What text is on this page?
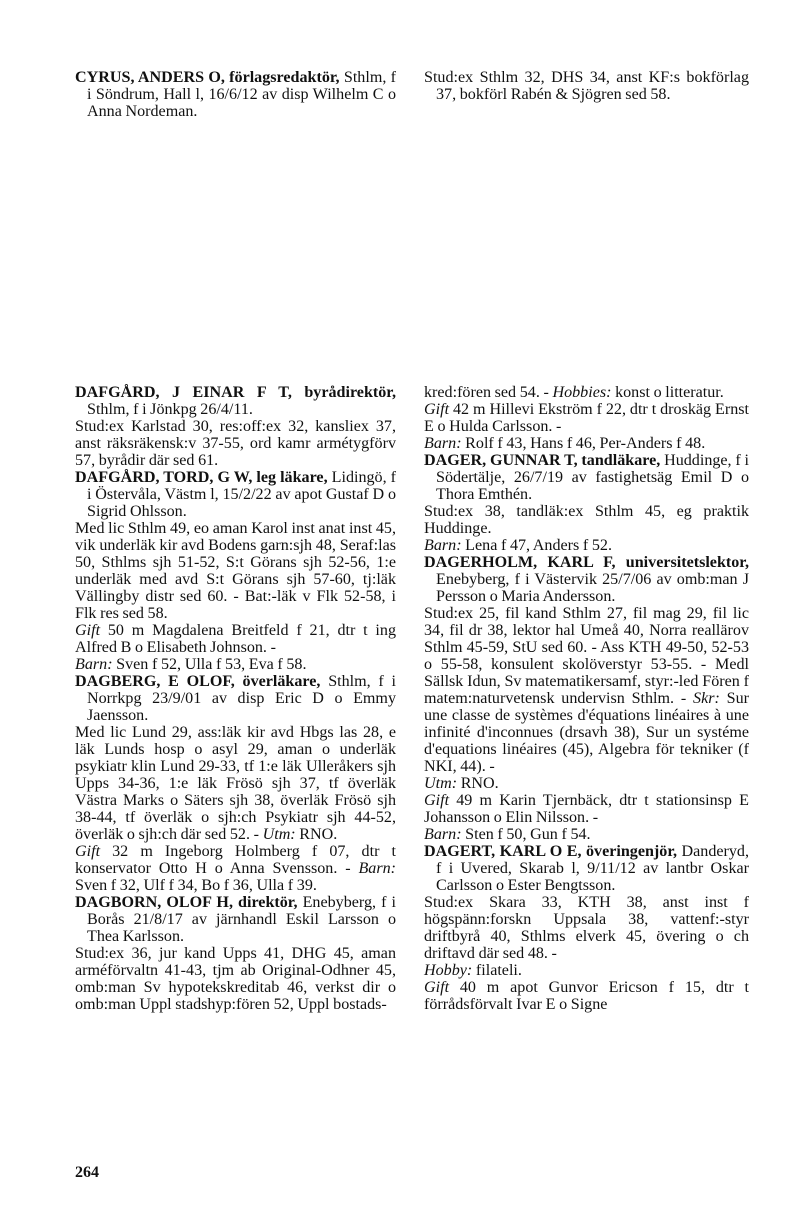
CYRUS, ANDERS O, förlagsredaktör, Sthlm, f i Söndrum, Hall l, 16/6/12 av disp Wilhelm C o Anna Nordeman.

Stud:ex Sthlm 32, DHS 34, anst KF:s bokförlag 37, bokförl Rabén & Sjögren sed 58.

DAFGÅRD, J EINAR F T, byrådirektör, Sthlm, f i Jönkpg 26/4/11.

Stud:ex Karlstad 30, res:off:ex 32, kansliex 37, anst räksräkensk:v 37-55, ord kamr armétygförv 57, byrådir där sed 61.

DAFGÅRD, TORD, G W, leg läkare, Lidingö, f i Östervåla, Västm l, 15/2/22 av apot Gustaf D o Sigrid Ohlsson.

Med lic Sthlm 49, eo aman Karol inst anat inst 45, vik underläk kir avd Bodens garn:sjh 48, Seraf:las 50, Sthlms sjh 51-52, S:t Görans sjh 52-56, 1:e underläk med avd S:t Görans sjh 57-60, tj:läk Vällingby distr sed 60. - Bat:-läk v Flk 52-58, i Flk res sed 58.

Gift 50 m Magdalena Breitfeld f 21, dtr t ing Alfred B o Elisabeth Johnson. -

Barn: Sven f 52, Ulla f 53, Eva f 58.

DAGBERG, E OLOF, överläkare, Sthlm, f i Norrkpg 23/9/01 av disp Eric D o Emmy Jaensson.

Med lic Lund 29, ass:läk kir avd Hbgs las 28, e läk Lunds hosp o asyl 29, aman o underläk psykiatr klin Lund 29-33, tf 1:e läk Ulleråkers sjh Upps 34-36, 1:e läk Frösö sjh 37, tf överläk Västra Marks o Säters sjh 38, överläk Frösö sjh 38-44, tf överläk o sjh:ch Psykiatr sjh 44-52, överläk o sjh:ch där sed 52. - Utm: RNO.

Gift 32 m Ingeborg Holmberg f 07, dtr t konservator Otto H o Anna Svensson. - Barn: Sven f 32, Ulf f 34, Bo f 36, Ulla f 39.

DAGBORN, OLOF H, direktör, Enebyberg, f i Borås 21/8/17 av järnhandl Eskil Larsson o Thea Karlsson.

Stud:ex 36, jur kand Upps 41, DHG 45, aman arméförvaltn 41-43, tjm ab Original-Odhner 45, omb:man Sv hypotekskreditab 46, verkst dir o omb:man Uppl stadshyp:fören 52, Uppl bostads-

kred:fören sed 54. - Hobbies: konst o litteratur.

Gift 42 m Hillevi Ekström f 22, dtr t droskäg Ernst E o Hulda Carlsson. -

Barn: Rolf f 43, Hans f 46, Per-Anders f 48.

DAGER, GUNNAR T, tandläkare, Huddinge, f i Södertälje, 26/7/19 av fastighetsäg Emil D o Thora Emthén.

Stud:ex 38, tandläk:ex Sthlm 45, eg praktik Huddinge.

Barn: Lena f 47, Anders f 52.

DAGERHOLM, KARL F, universitetslektor, Enebyberg, f i Västervik 25/7/06 av omb:man J Persson o Maria Andersson.

Stud:ex 25, fil kand Sthlm 27, fil mag 29, fil lic 34, fil dr 38, lektor hal Umeå 40, Norra reallärov Sthlm 45-59, StU sed 60. - Ass KTH 49-50, 52-53 o 55-58, konsulent skolöverstyr 53-55. - Medl Sällsk Idun, Sv matematikersamf, styr:-led Fören f matem:naturvetensk undervisn Sthlm. - Skr: Sur une classe de systèmes d'équations linéaires à une infinité d'inconnues (drsavh 38), Sur un systéme d'equations linéaires (45), Algebra för tekniker (f NKI, 44). -

Utm: RNO.

Gift 49 m Karin Tjernbäck, dtr t stationsinsp E Johansson o Elin Nilsson. -

Barn: Sten f 50, Gun f 54.

DAGERT, KARL O E, överingenjör, Danderyd, f i Uvered, Skarab l, 9/11/12 av lantbr Oskar Carlsson o Ester Bengtsson.

Stud:ex Skara 33, KTH 38, anst inst f högspänn:forskn Uppsala 38, vattenf:-styr driftbyrå 40, Sthlms elverk 45, övering o ch driftavd där sed 48. -

Hobby: filateli.

Gift 40 m apot Gunvor Ericson f 15, dtr t förrådsförvalt Ivar E o Signe

264
